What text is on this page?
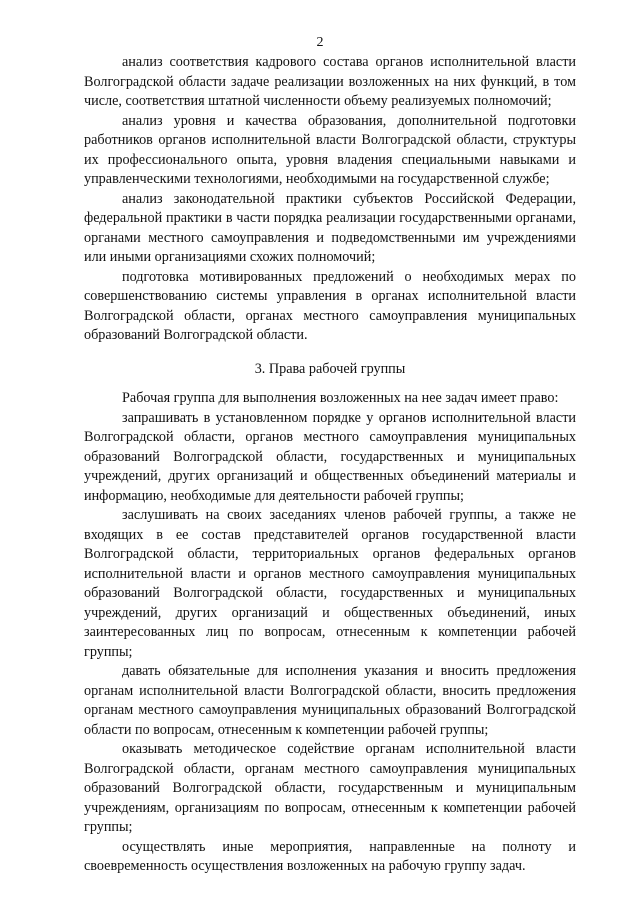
2

анализ соответствия кадрового состава органов исполнительной власти Волгоградской области задаче реализации возложенных на них функций, в том числе, соответствия штатной численности объему реализуемых полномочий;

анализ уровня и качества образования, дополнительной подготовки работников органов исполнительной власти Волгоградской области, структуры их профессионального опыта, уровня владения специальными навыками и управленческими технологиями, необходимыми на государственной службе;

анализ законодательной практики субъектов Российской Федерации, федеральной практики в части порядка реализации государственными органами, органами местного самоуправления и подведомственными им учреждениями или иными организациями схожих полномочий;

подготовка мотивированных предложений о необходимых мерах по совершенствованию системы управления в органах исполнительной власти Волгоградской области, органах местного самоуправления муниципальных образований Волгоградской области.

3. Права рабочей группы

Рабочая группа для выполнения возложенных на нее задач имеет право:

запрашивать в установленном порядке у органов исполнительной власти Волгоградской области, органов местного самоуправления муниципальных образований Волгоградской области, государственных и муниципальных учреждений, других организаций и общественных объединений материалы и информацию, необходимые для деятельности рабочей группы;

заслушивать на своих заседаниях членов рабочей группы, а также не входящих в ее состав представителей органов государственной власти Волгоградской области, территориальных органов федеральных органов исполнительной власти и органов местного самоуправления муниципальных образований Волгоградской области, государственных и муниципальных учреждений, других организаций и общественных объединений, иных заинтересованных лиц по вопросам, отнесенным к компетенции рабочей группы;

давать обязательные для исполнения указания и вносить предложения органам исполнительной власти Волгоградской области, вносить предложения органам местного самоуправления муниципальных образований Волгоградской области по вопросам, отнесенным к компетенции рабочей группы;

оказывать методическое содействие органам исполнительной власти Волгоградской области, органам местного самоуправления муниципальных образований Волгоградской области, государственным и муниципальным учреждениям, организациям по вопросам, отнесенным к компетенции рабочей группы;

осуществлять иные мероприятия, направленные на полноту и своевременность осуществления возложенных на рабочую группу задач.
